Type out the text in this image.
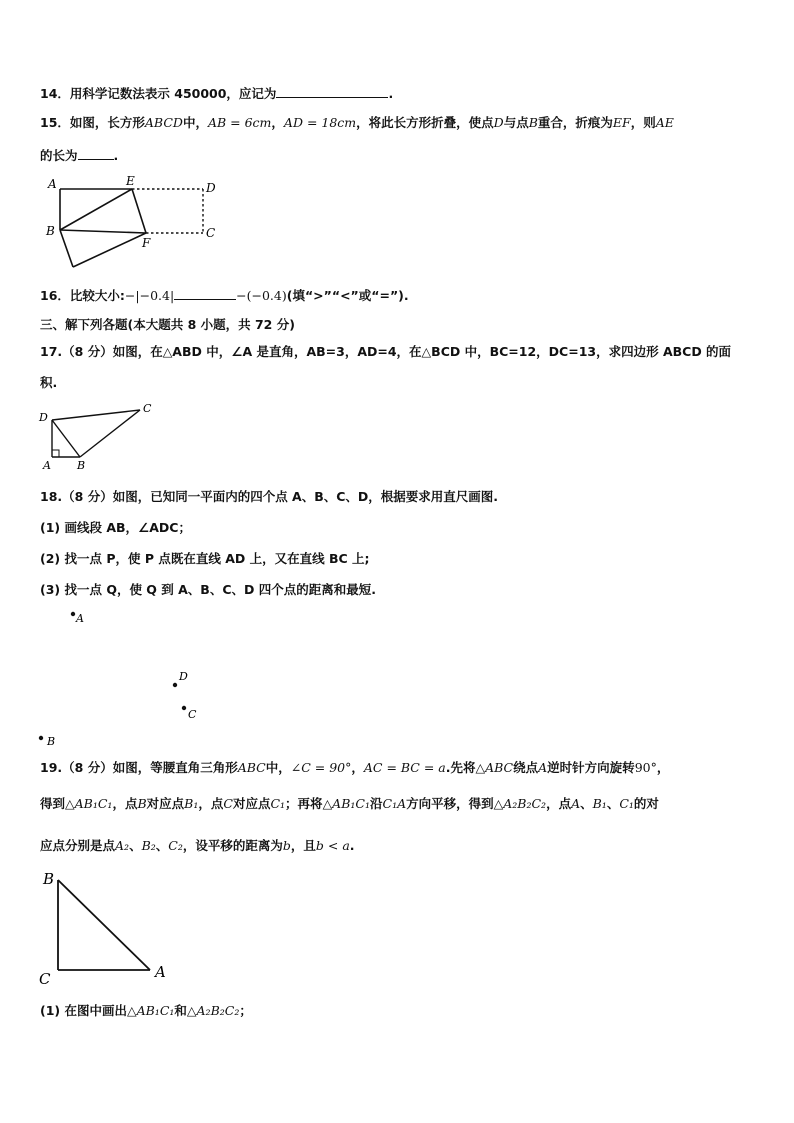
14．用科学记数法表示 450000，应记为	.
15．如图，长方形ABCD中，AB = 6cm，AD = 18cm，将此长方形折叠，使点D与点B重合，折痕为EF，则AE
的长为	.
A	E	D
B
F
C
16．比较大小:−|−0.4|	−(−0.4)(填“>”“<”或“=”).
三、解下列各题(本大题共 8 小题，共 72 分)
17.（8 分）如图，在△ABD 中，∠A 是直角，AB=3，AD=4，在△BCD 中，BC=12，DC=13，求四边形 ABCD 的面
积.
D
C
A B
18.（8 分）如图，已知同一平面内的四个点 A、B、C、D，根据要求用直尺画图.
(1) 画线段 AB，∠ADC；
(2) 找一点 P，使 P 点既在直线 AD 上，又在直线 BC 上;
(3) 找一点 Q，使 Q 到 A、B、C、D 四个点的距离和最短.
A
D
C
B
19.（8 分）如图，等腰直角三角形ABC中，∠C = 90°，AC = BC = a.先将△ABC绕点A逆时针方向旋转90°，
得到△AB₁C₁，点B对应点B₁，点C对应点C₁；再将△AB₁C₁沿C₁A方向平移，得到△A₂B₂C₂，点A、B₁、C₁的对
应点分别是点A₂、B₂、C₂，设平移的距离为b，且b < a.
B
C	A
(1) 在图中画出△AB₁C₁和△A₂B₂C₂；
